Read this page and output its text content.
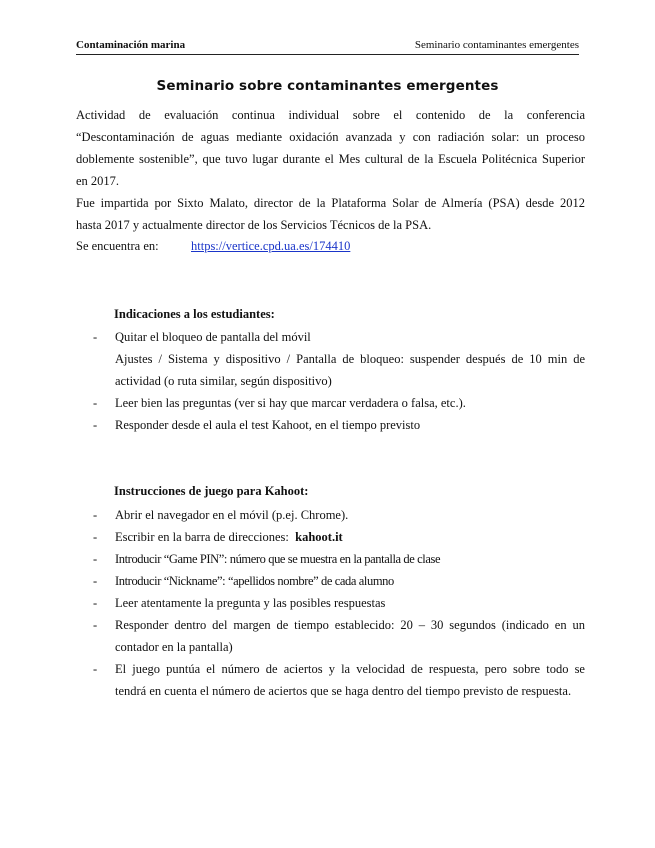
Contaminación marina	Seminario contaminantes emergentes
Seminario sobre contaminantes emergentes
Actividad de evaluación continua individual sobre el contenido de la conferencia
“Descontaminación de aguas mediante oxidación avanzada y con radiación solar: un proceso
doblemente sostenible”, que tuvo lugar durante el Mes cultural de la Escuela Politécnica Superior
en 2017.
Fue impartida por Sixto Malato, director de la Plataforma Solar de Almería (PSA) desde 2012
hasta 2017 y actualmente director de los Servicios Técnicos de la PSA.
Se encuentra en:	https://vertice.cpd.ua.es/174410
Indicaciones a los estudiantes:
- Quitar el bloqueo de pantalla del móvil
Ajustes / Sistema y dispositivo / Pantalla de bloqueo: suspender después de 10 min de
actividad (o ruta similar, según dispositivo)
- Leer bien las preguntas (ver si hay que marcar verdadera o falsa, etc.).
- Responder desde el aula el test Kahoot, en el tiempo previsto
Instrucciones de juego para Kahoot:
- Abrir el navegador en el móvil (p.ej. Chrome).
- Escribir en la barra de direcciones: kahoot.it
- Introducir “Game PIN”: número que se muestra en la pantalla de clase
- Introducir “Nickname”: “apellidos nombre” de cada alumno
- Leer atentamente la pregunta y las posibles respuestas
- Responder dentro del margen de tiempo establecido: 20 – 30 segundos (indicado en un
contador en la pantalla)
- El juego puntúa el número de aciertos y la velocidad de respuesta, pero sobre todo se
tendrá en cuenta el número de aciertos que se haga dentro del tiempo previsto de respuesta.
